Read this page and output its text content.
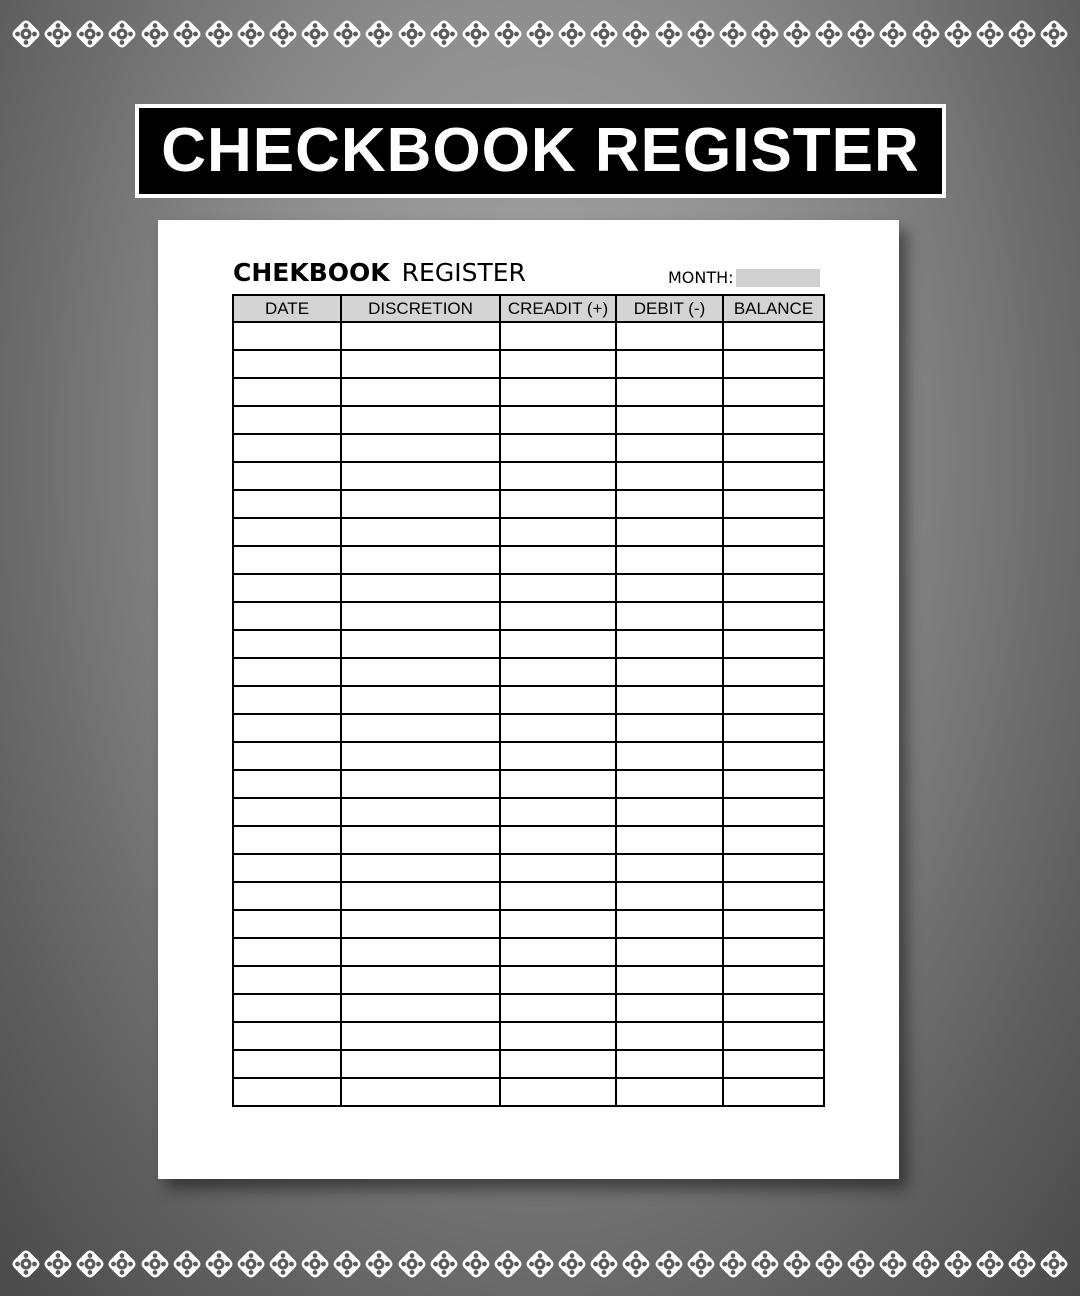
CHECKBOOK REGISTER
CHEKBOOK REGISTER	MONTH:
DATE	DISCRETION	CREADIT (+)	DEBIT (-)	BALANCE
